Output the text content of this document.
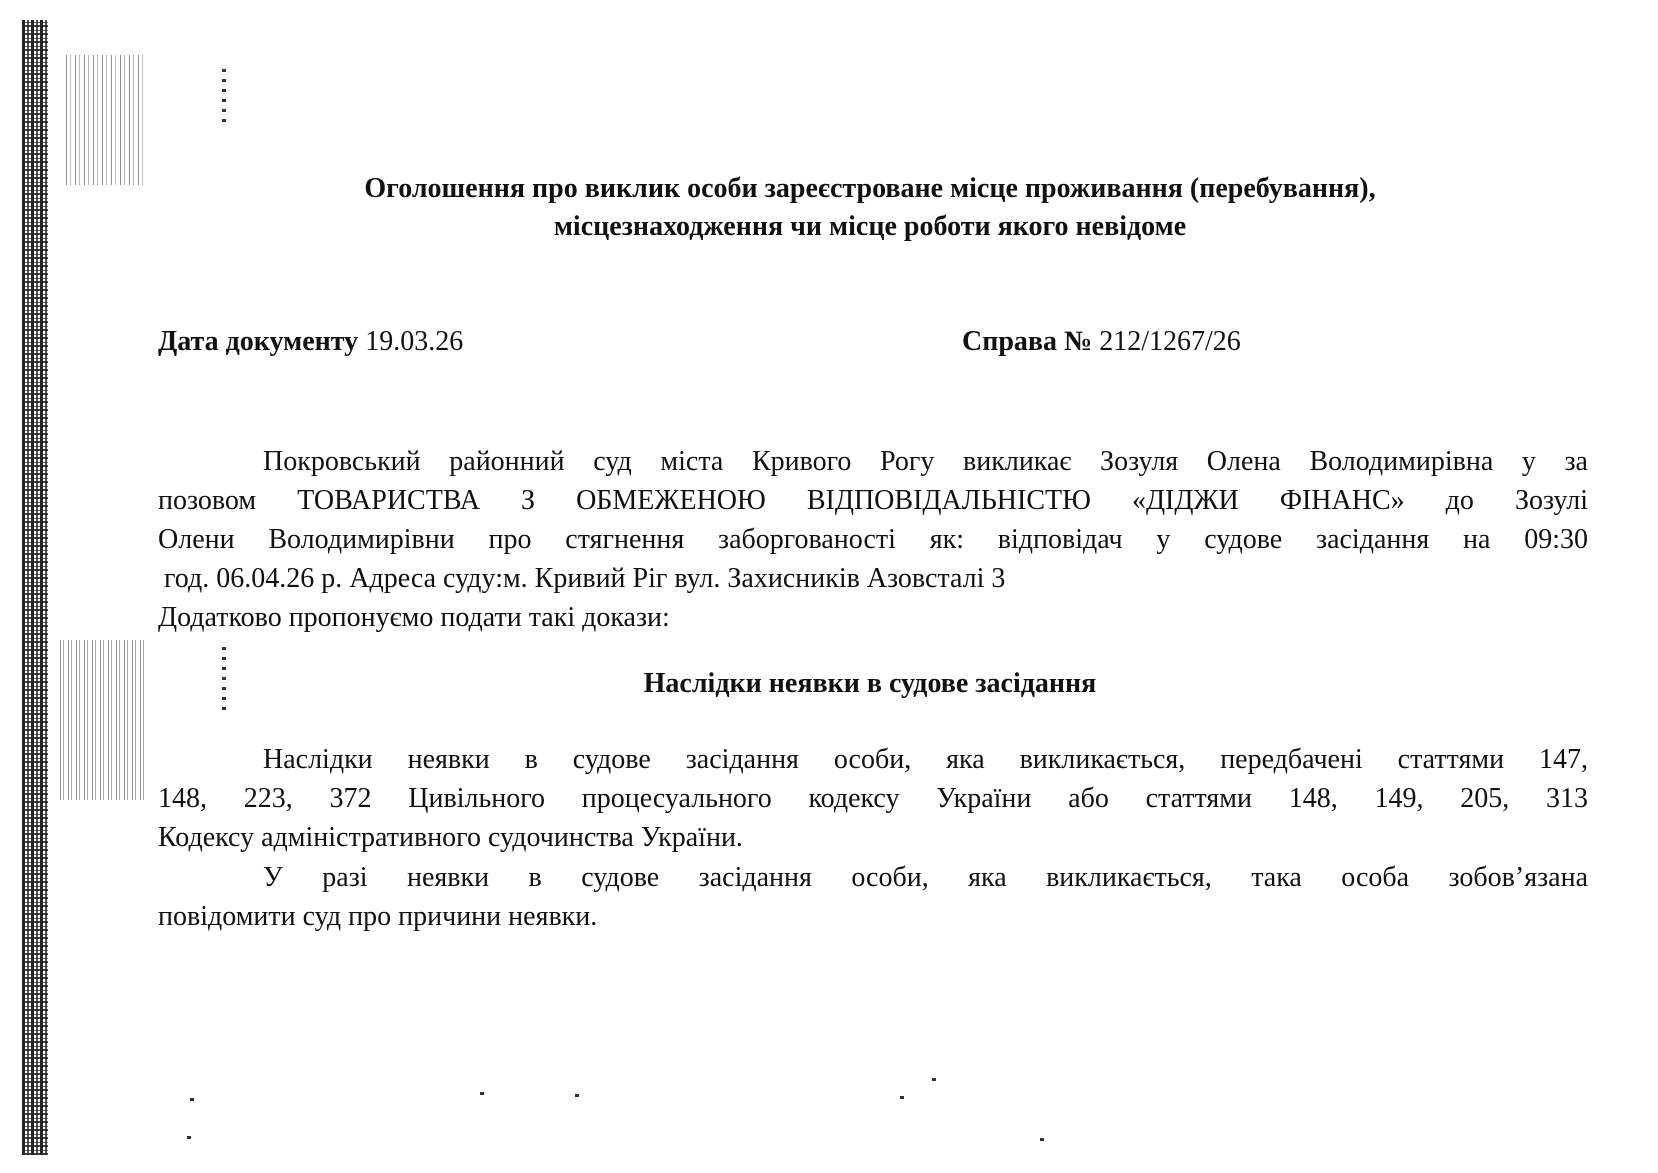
Оголошення про виклик особи зареєстроване місце проживання (перебування),
місцезнаходження чи місце роботи якого невідоме
Дата документу 19.03.26	Справа № 212/1267/26
Покровський районний суд міста Кривого Рогу викликає Зозуля Олена Володимирівна у за
позовом ТОВАРИСТВА З ОБМЕЖЕНОЮ ВІДПОВІДАЛЬНІСТЮ «ДІДЖИ ФІНАНС» до Зозулі
Олени Володимирівни про стягнення заборгованості як: відповідач у судове засідання на 09:30
год. 06.04.26 р. Адреса суду:м. Кривий Ріг вул. Захисників Азовсталі 3
Додатково пропонуємо подати такі докази:
Наслідки неявки в судове засідання
Наслідки неявки в судове засідання особи, яка викликається, передбачені статтями 147,
148, 223, 372 Цивільного процесуального кодексу України або статтями 148, 149, 205, 313
Кодексу адміністративного судочинства України.
У разі неявки в судове засідання особи, яка викликається, така особа зобов’язана
повідомити суд про причини неявки.
